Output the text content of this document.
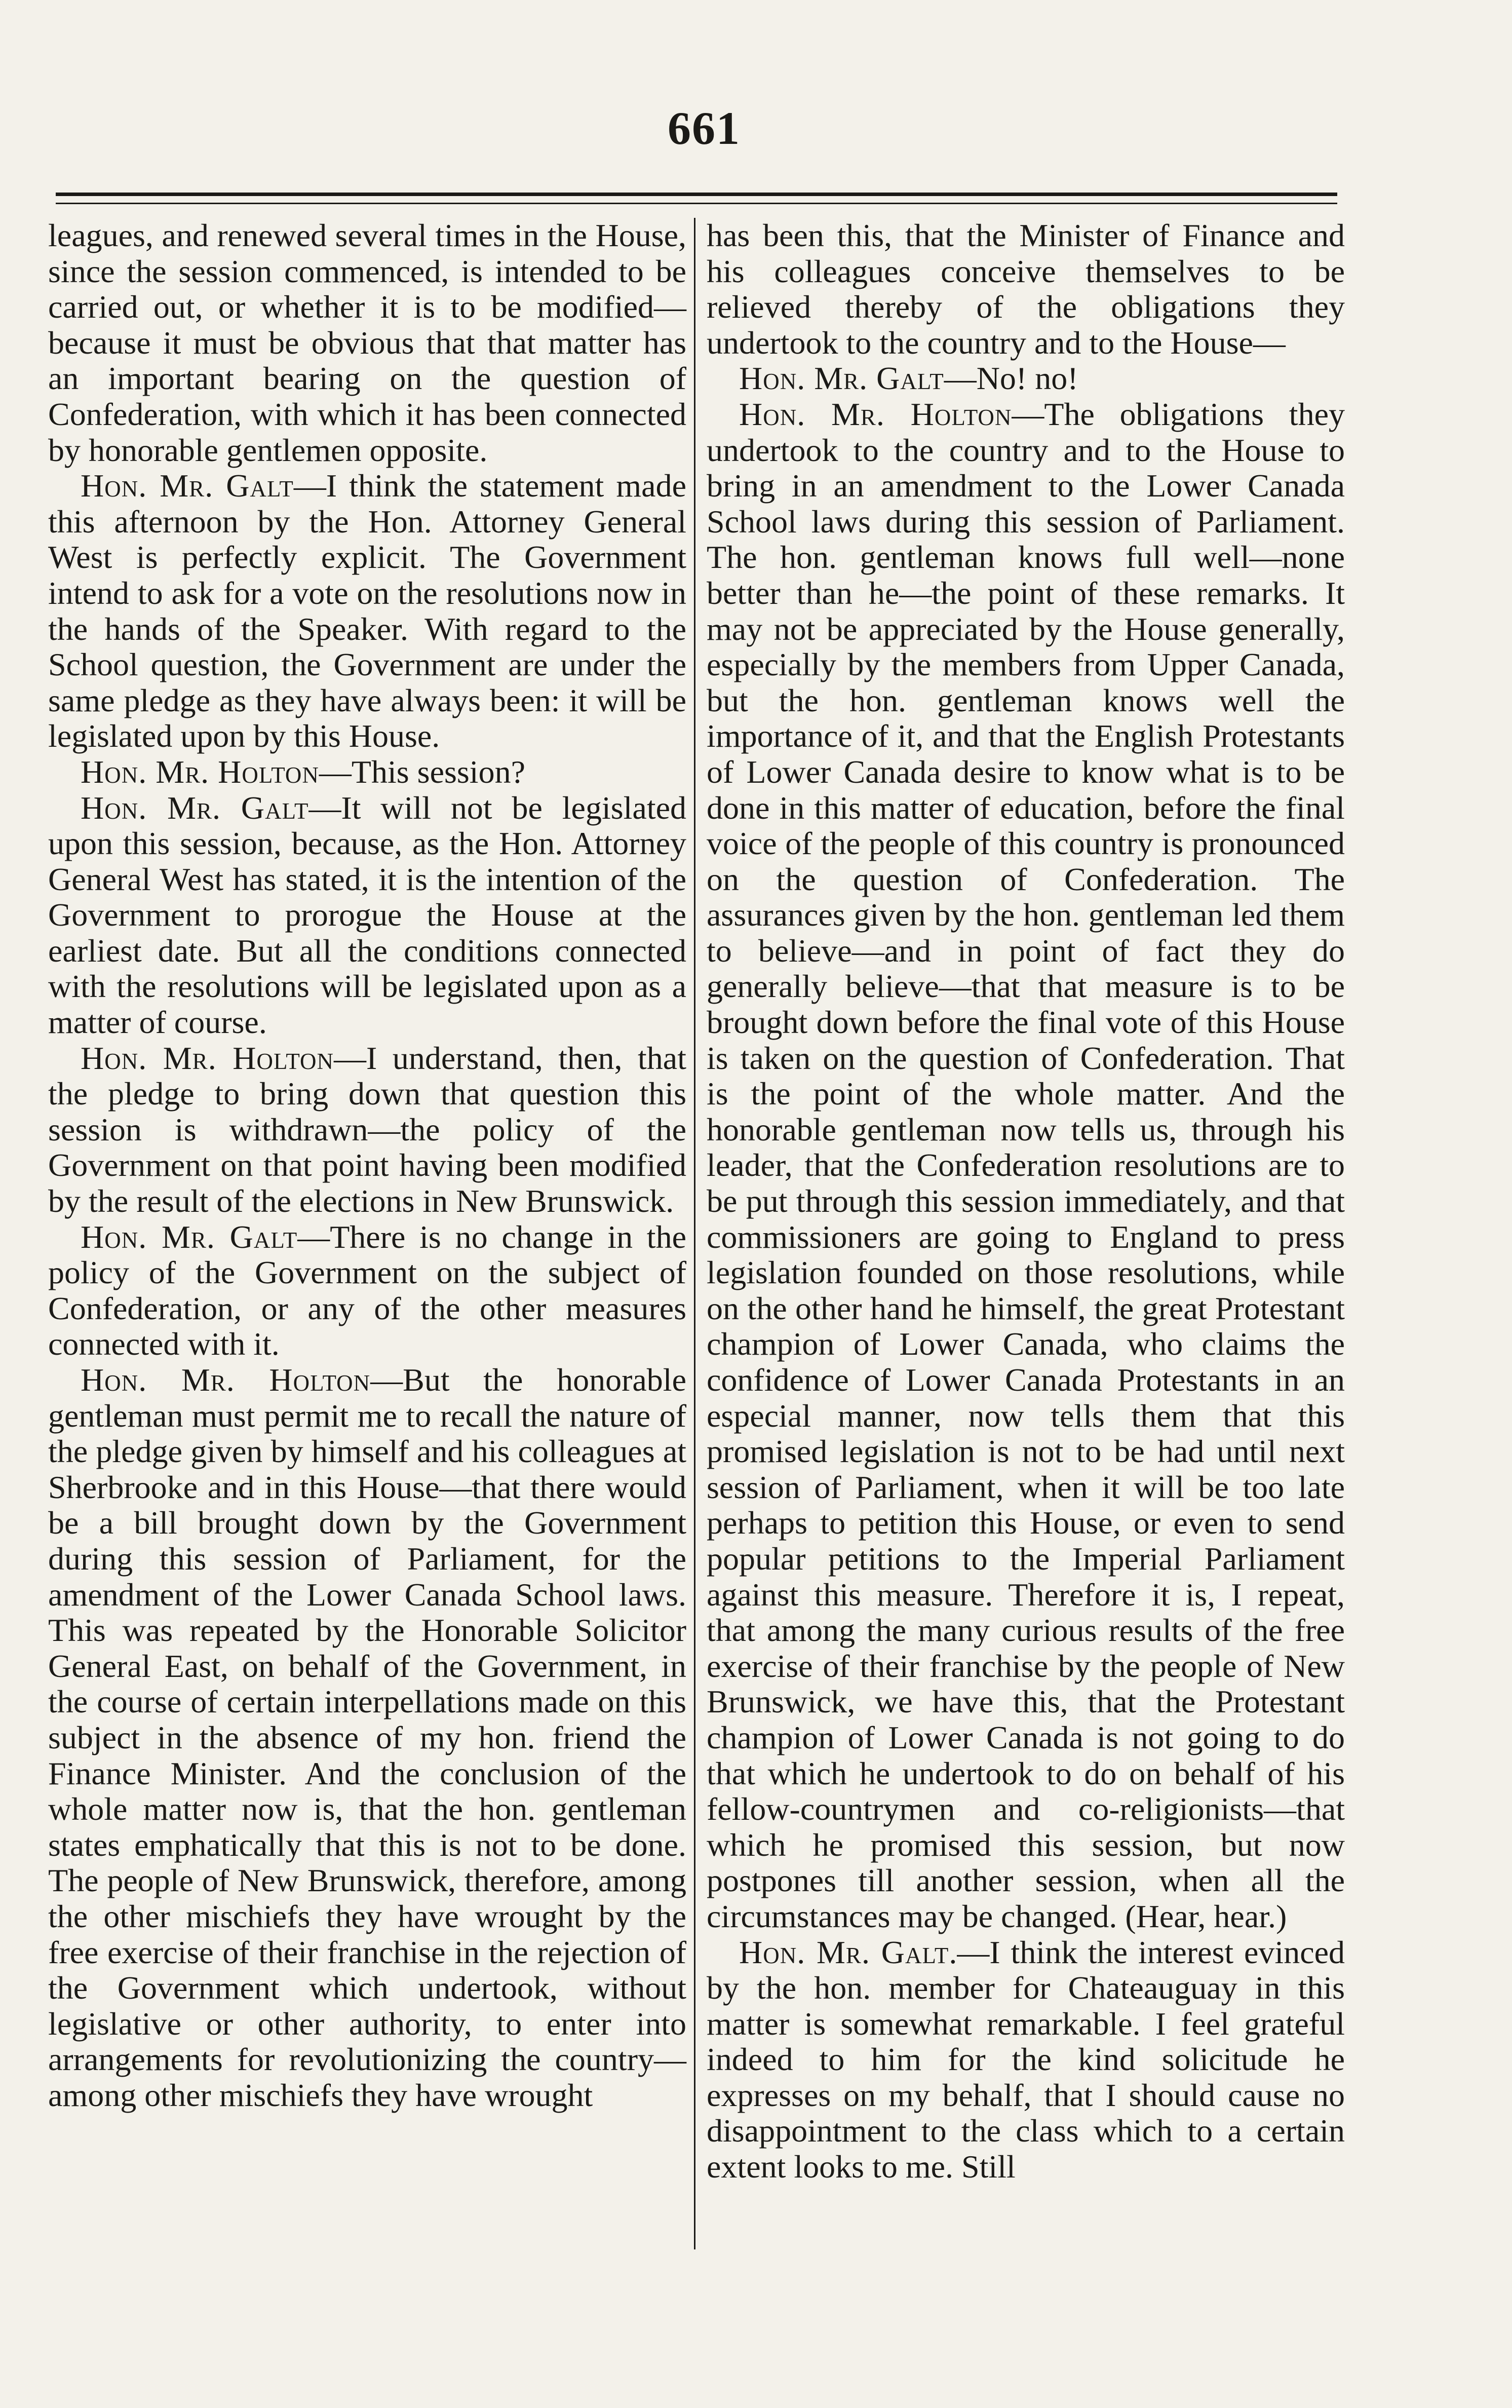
661

leagues, and renewed several times in the House, since the session commenced, is intended to be carried out, or whether it is to be modified—because it must be obvious that that matter has an important bearing on the question of Confederation, with which it has been connected by honorable gentlemen opposite.

Hon. Mr. Galt—I think the statement made this afternoon by the Hon. Attorney General West is perfectly explicit. The Government intend to ask for a vote on the resolutions now in the hands of the Speaker. With regard to the School question, the Government are under the same pledge as they have always been: it will be legislated upon by this House.

Hon. Mr. Holton—This session?

Hon. Mr. Galt—It will not be legislated upon this session, because, as the Hon. Attorney General West has stated, it is the intention of the Government to prorogue the House at the earliest date. But all the conditions connected with the resolutions will be legislated upon as a matter of course.

Hon. Mr. Holton—I understand, then, that the pledge to bring down that question this session is withdrawn—the policy of the Government on that point having been modified by the result of the elections in New Brunswick.

Hon. Mr. Galt—There is no change in the policy of the Government on the subject of Confederation, or any of the other measures connected with it.

Hon. Mr. Holton—But the honorable gentleman must permit me to recall the nature of the pledge given by himself and his colleagues at Sherbrooke and in this House—that there would be a bill brought down by the Government during this session of Parliament, for the amendment of the Lower Canada School laws. This was repeated by the Honorable Solicitor General East, on behalf of the Government, in the course of certain interpellations made on this subject in the absence of my hon. friend the Finance Minister. And the conclusion of the whole matter now is, that the hon. gentleman states emphatically that this is not to be done. The people of New Brunswick, therefore, among the other mischiefs they have wrought by the free exercise of their franchise in the rejection of the Government which undertook, without legislative or other authority, to enter into arrangements for revolutionizing the country—among other mischiefs they have wrought

has been this, that the Minister of Finance and his colleagues conceive themselves to be relieved thereby of the obligations they undertook to the country and to the House—

Hon. Mr. Galt—No! no!

Hon. Mr. Holton—The obligations they undertook to the country and to the House to bring in an amendment to the Lower Canada School laws during this session of Parliament. The hon. gentleman knows full well—none better than he—the point of these remarks. It may not be appreciated by the House generally, especially by the members from Upper Canada, but the hon. gentleman knows well the importance of it, and that the English Protestants of Lower Canada desire to know what is to be done in this matter of education, before the final voice of the people of this country is pronounced on the question of Confederation. The assurances given by the hon. gentleman led them to believe—and in point of fact they do generally believe—that that measure is to be brought down before the final vote of this House is taken on the question of Confederation. That is the point of the whole matter. And the honorable gentleman now tells us, through his leader, that the Confederation resolutions are to be put through this session immediately, and that commissioners are going to England to press legislation founded on those resolutions, while on the other hand he himself, the great Protestant champion of Lower Canada, who claims the confidence of Lower Canada Protestants in an especial manner, now tells them that this promised legislation is not to be had until next session of Parliament, when it will be too late perhaps to petition this House, or even to send popular petitions to the Imperial Parliament against this measure. Therefore it is, I repeat, that among the many curious results of the free exercise of their franchise by the people of New Brunswick, we have this, that the Protestant champion of Lower Canada is not going to do that which he undertook to do on behalf of his fellow-countrymen and co-religionists—that which he promised this session, but now postpones till another session, when all the circumstances may be changed. (Hear, hear.)

Hon. Mr. Galt.—I think the interest evinced by the hon. member for Chateauguay in this matter is somewhat remarkable. I feel grateful indeed to him for the kind solicitude he expresses on my behalf, that I should cause no disappointment to the class which to a certain extent looks to me. Still
